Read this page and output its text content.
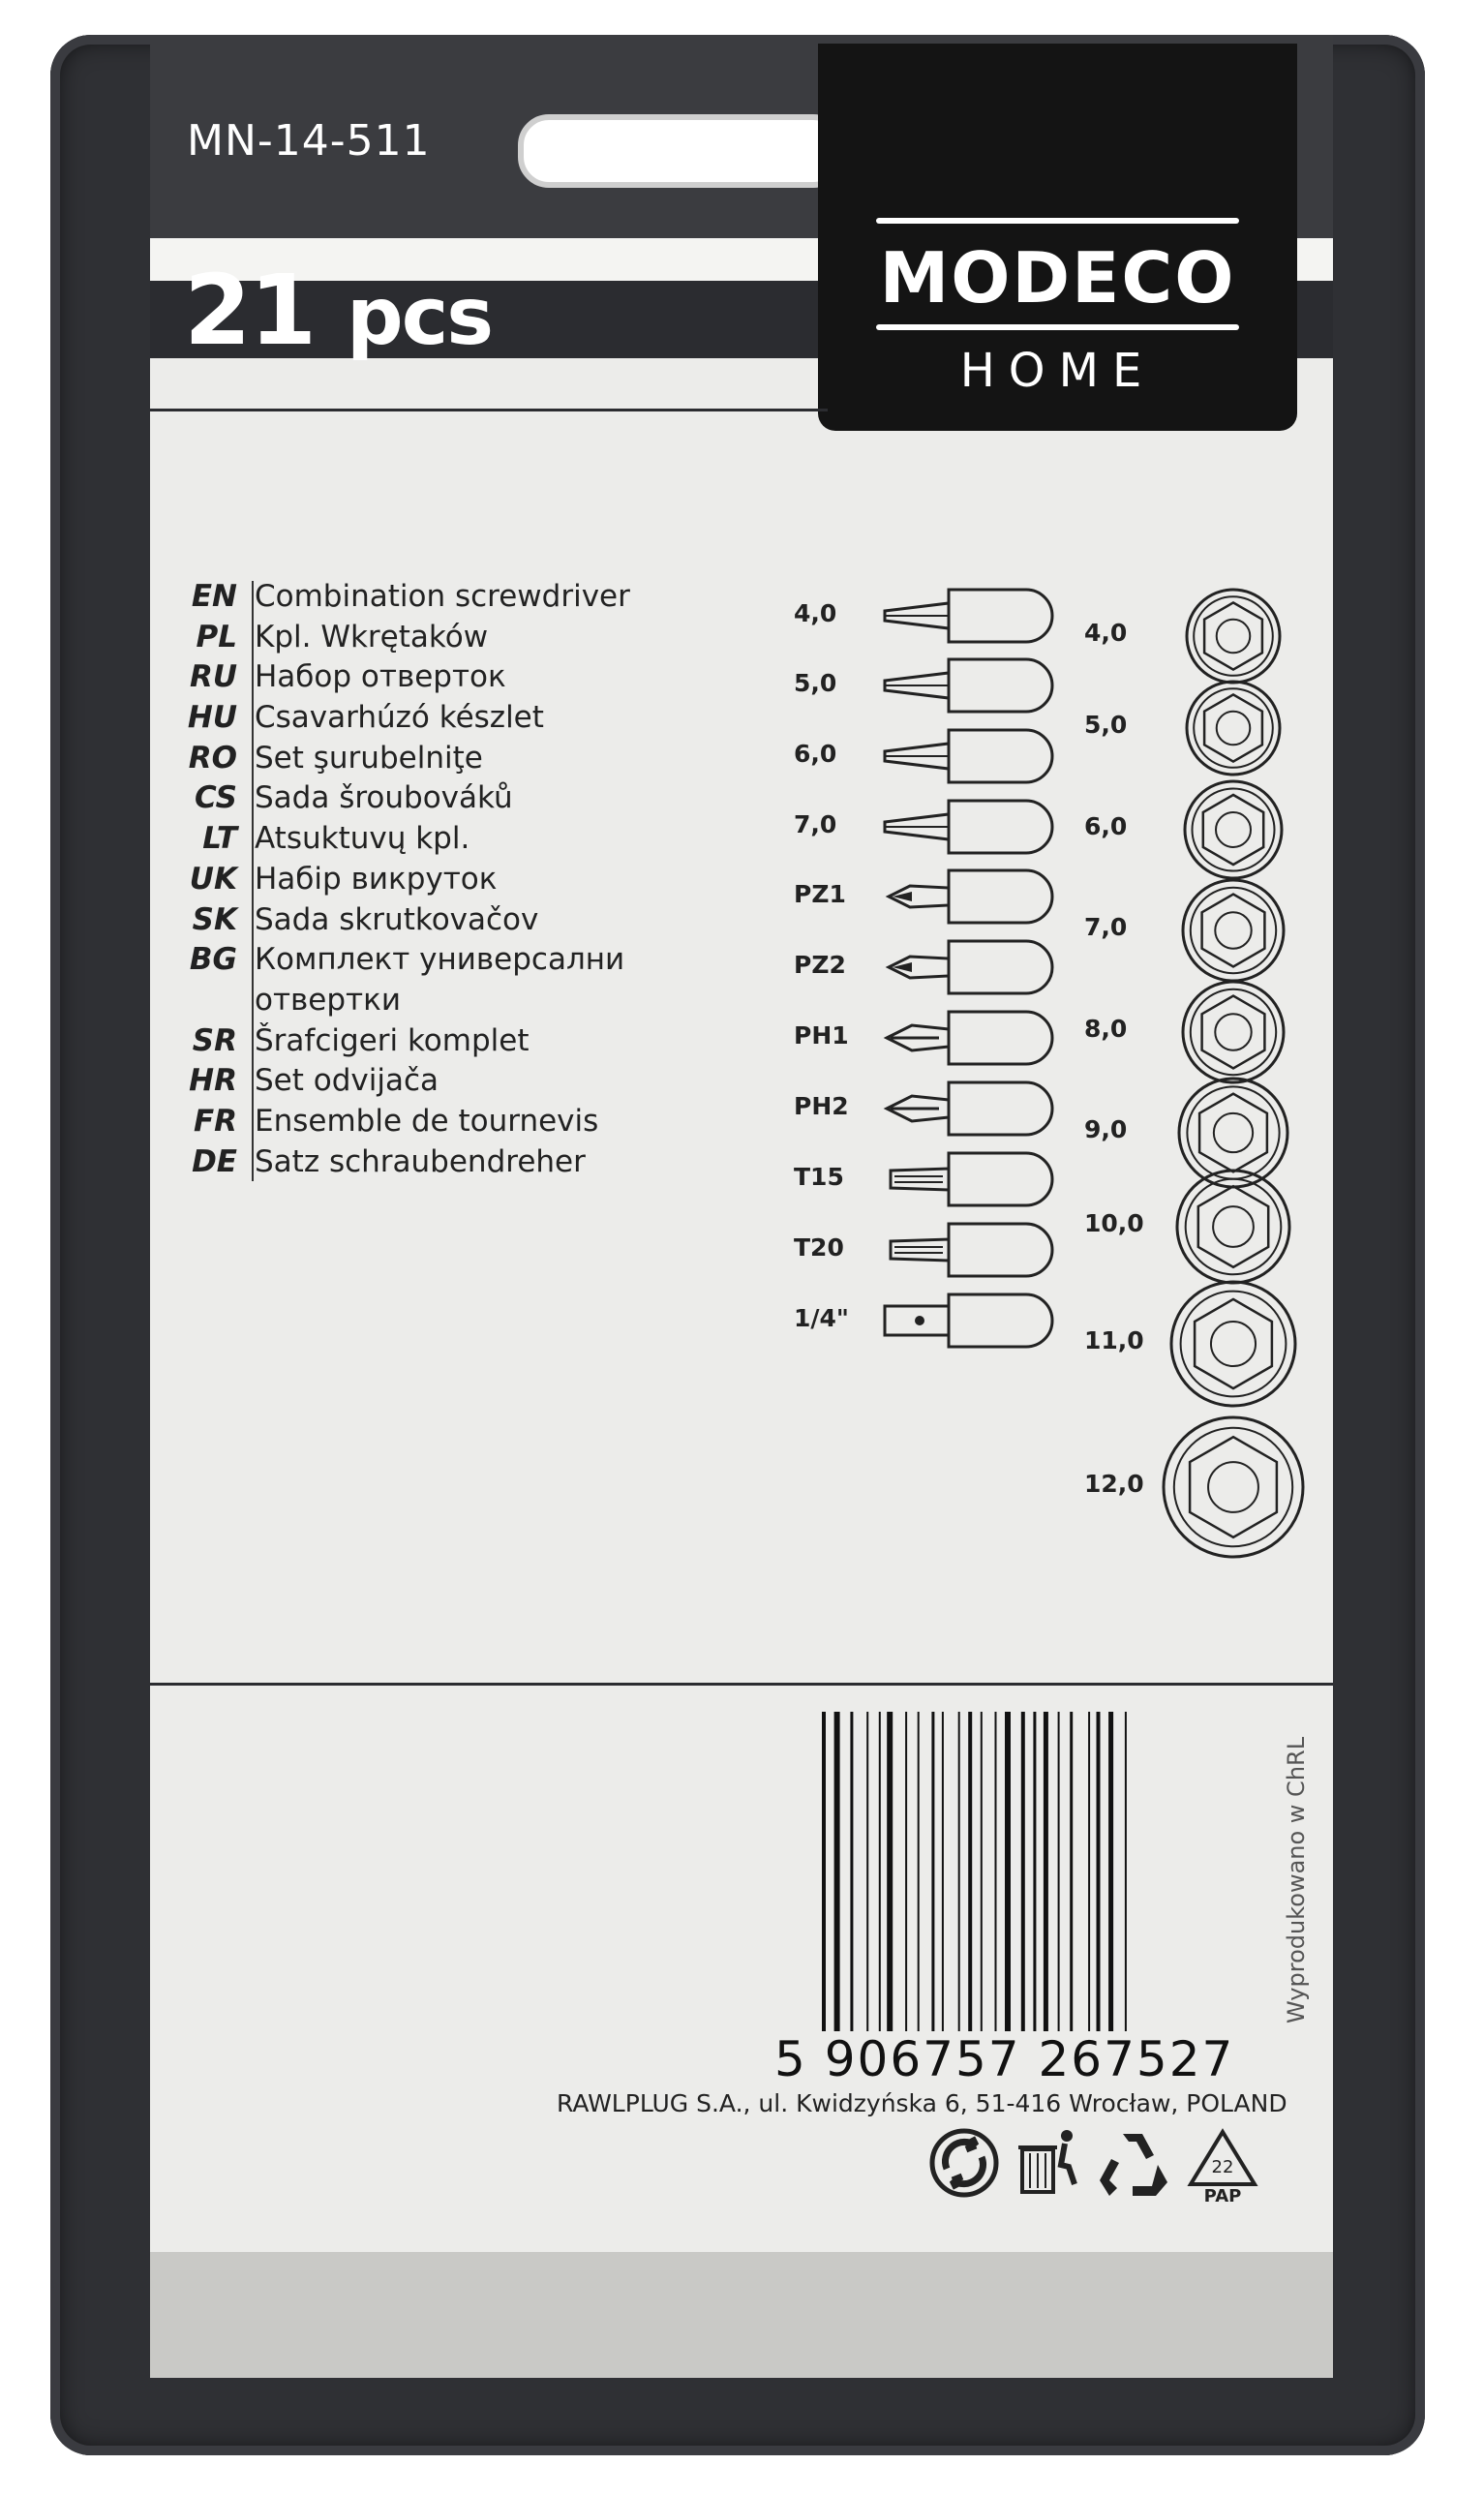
MN-14-511
21 pcs	MODECO
HOME
EN Combination screwdriver
PL Kpl. Wkrętaków
RU Набор отверток
HU Csavarhúzó készlet
RO Set şurubelniţe
CS Sada šroubováků
LT Atsuktuvų kpl.
UK Набір викруток
SK Sada skrutkovačov
BG Комплект универсални
отвертки
SR Šrafcigeri komplet
HR Set odvijača
FR Ensemble de tournevis
DE Satz schraubendreher
4,0
5,0
6,0
7,0
PZ1
PZ2
PH1
PH2
T15
T20
1/4"
4,0
5,0
6,0
7,0
8,0
9,0
10,0
11,0
12,0
5 906757 267527
RAWLPLUG S.A., ul. Kwidzyńska 6, 51-416 Wrocław, POLAND
Wyprodukowano w ChRL
22
PAP
